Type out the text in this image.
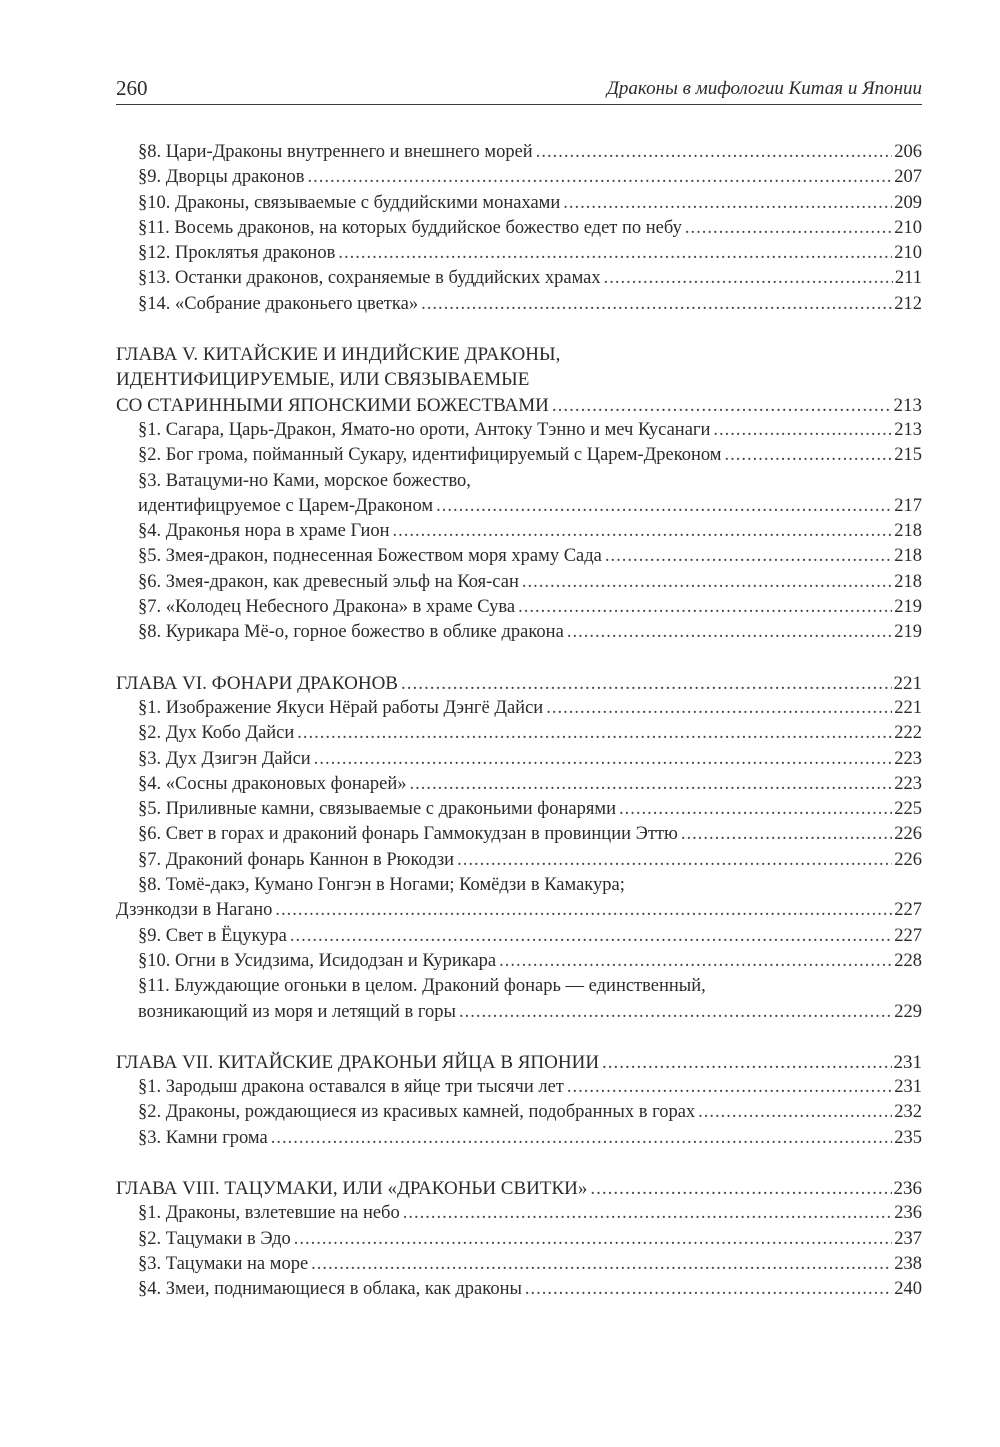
260	Драконы в мифологии Китая и Японии
§8. Цари-Драконы внутреннего и внешнего морей .....	206
§9. Дворцы драконов .....	207
§10. Драконы, связываемые с буддийскими монахами .....	209
§11. Восемь драконов, на которых буддийское божество едет по небу .....	210
§12. Проклятья драконов .....	210
§13. Останки драконов, сохраняемые в буддийских храмах .....	211
§14. «Собрание драконьего цветка» .....	212
ГЛАВА V. КИТАЙСКИЕ И ИНДИЙСКИЕ ДРАКОНЫ,
ИДЕНТИФИЦИРУЕМЫЕ, ИЛИ СВЯЗЫВАЕМЫЕ
СО СТАРИННЫМИ ЯПОНСКИМИ БОЖЕСТВАМИ .....	213
§1. Сагара, Царь-Дракон, Ямато-но ороти, Антоку Тэнно и меч Кусанаги .....	213
§2. Бог грома, пойманный Сукару, идентифицируемый с Царем-Дреконом .....	215
§3. Ватацуми-но Ками, морское божество,
идентифицруемое с Царем-Драконом .....	217
§4. Драконья нора в храме Гион .....	218
§5. Змея-дракон, поднесенная Божеством моря храму Сада .....	218
§6. Змея-дракон, как древесный эльф на Коя-сан .....	218
§7. «Колодец Небесного Дракона» в храме Сува .....	219
§8. Курикара Мё-о, горное божество в облике дракона .....	219
ГЛАВА VI. ФОНАРИ ДРАКОНОВ .....	221
§1. Изображение Якуси Нёрай работы Дэнгё Дайси .....	221
§2. Дух Кобо Дайси .....	222
§3. Дух Дзигэн Дайси .....	223
§4. «Сосны драконовых фонарей» .....	223
§5. Приливные камни, связываемые с драконьими фонарями .....	225
§6. Свет в горах и драконий фонарь Гаммокудзан в провинции Эттю .....	226
§7. Драконий фонарь Каннон в Рюкодзи .....	226
§8. Томё-дакэ, Кумано Гонгэн в Ногами; Комёдзи в Камакура;
Дзэнкодзи в Нагано .....	227
§9. Свет в Ёцукура .....	227
§10. Огни в Усидзима, Исидодзан и Курикара .....	228
§11. Блуждающие огоньки в целом. Драконий фонарь — единственный,
возникающий из моря и летящий в горы .....	229
ГЛАВА VII. КИТАЙСКИЕ ДРАКОНЬИ ЯЙЦА В ЯПОНИИ .....	231
§1. Зародыш дракона оставался в яйце три тысячи лет .....	231
§2. Драконы, рождающиеся из красивых камней, подобранных в горах .....	232
§3. Камни грома .....	235
ГЛАВА VIII. ТАЦУМАКИ, ИЛИ «ДРАКОНЬИ СВИТКИ» .....	236
§1. Драконы, взлетевшие на небо .....	236
§2. Тацумаки в Эдо .....	237
§3. Тацумаки на море .....	238
§4. Змеи, поднимающиеся в облака, как драконы .....	240
